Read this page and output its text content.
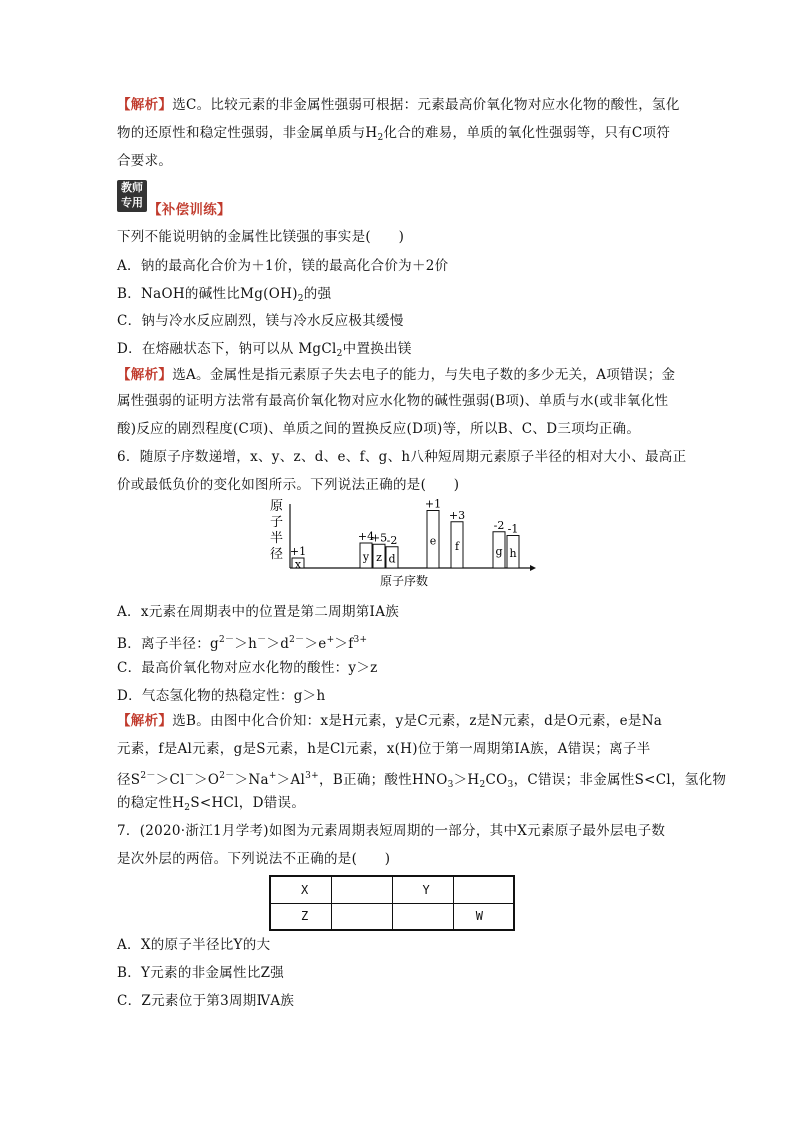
【解析】选C。比较元素的非金属性强弱可根据：元素最高价氧化物对应水化物的酸性，氢化
物的还原性和稳定性强弱，非金属单质与$H_2$化合的难易，单质的氧化性强弱等，只有C项符
合要求。
教师
专用 【补偿训练】
下列不能说明钠的金属性比镁强的事实是(　　)
A．钠的最高化合价为＋1价，镁的最高化合价为＋2价
B．NaOH的碱性比$Mg(OH)_2$的强
C．钠与冷水反应剧烈，镁与冷水反应极其缓慢
D．在熔融状态下，钠可以从 MgCl$_2$中置换出镁
【解析】选A。金属性是指元素原子失去电子的能力，与失电子数的多少无关，A项错误；金
属性强弱的证明方法常有最高价氧化物对应水化物的碱性强弱(B项)、单质与水(或非氧化性
酸)反应的剧烈程度(C项)、单质之间的置换反应(D项)等，所以B、C、D三项均正确。
6．随原子序数递增，x、y、z、d、e、f、g、h八种短周期元素原子半径的相对大小、最高正
价或最低负价的变化如图所示。下列说法正确的是(　　)
原
子
半
径
x
+1	y
+4
z
+5
d
-2	e
+1
f
+3
g
-2
h
-1
原子序数
A．x元素在周期表中的位置是第二周期第ⅠA族
B．离子半径：$g^{2-}>h^->d^{2-}>e^+>f^{3+}$
C．最高价氧化物对应水化物的酸性：y＞z
D．气态氢化物的热稳定性：g＞h
【解析】选B。由图中化合价知：x是H元素，y是C元素，z是N元素，d是O元素，e是Na
元素，f是Al元素，g是S元素，h是Cl元素，x(H)位于第一周期第ⅠA族，A错误；离子半
径$S^{2-}>Cl^->O^{2-}>Na^+>Al^{3+}$，B正确；酸性$HNO_3>H_2CO_3$，C错误；非金属性S<Cl，氢化物
的稳定性$H_2S<HCl$，D错误。
7．(2020·浙江1月学考)如图为元素周期表短周期的一部分，其中X元素原子最外层电子数
是次外层的两倍。下列说法不正确的是(　　)
X		Y	
Z			W
A．X的原子半径比Y的大
B．Y元素的非金属性比Z强
C．Z元素位于第3周期ⅣA族
